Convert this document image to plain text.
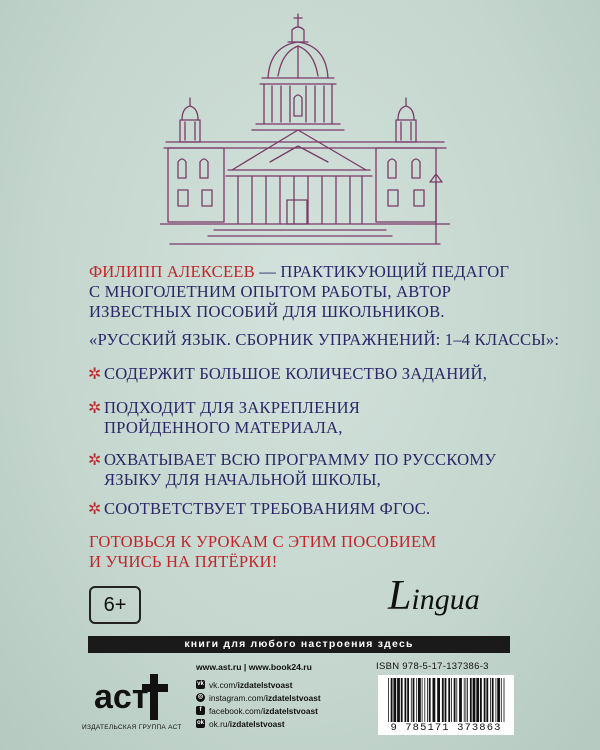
ФИЛИПП АЛЕКСЕЕВ — ПРАКТИКУЮЩИЙ ПЕДАГОГ
С МНОГОЛЕТНИМ ОПЫТОМ РАБОТЫ, АВТОР
ИЗВЕСТНЫХ ПОСОБИЙ ДЛЯ ШКОЛЬНИКОВ.
«РУССКИЙ ЯЗЫК. СБОРНИК УПРАЖНЕНИЙ: 1–4 КЛАССЫ»:
✲ СОДЕРЖИТ БОЛЬШОЕ КОЛИЧЕСТВО ЗАДАНИЙ,
✲ ПОДХОДИТ ДЛЯ ЗАКРЕПЛЕНИЯ
ПРОЙДЕННОГО МАТЕРИАЛА,
✲ ОХВАТЫВАЕТ ВСЮ ПРОГРАММУ ПО РУССКОМУ
ЯЗЫКУ ДЛЯ НАЧАЛЬНОЙ ШКОЛЫ,
✲ СООТВЕТСТВУЕТ ТРЕБОВАНИЯМ ФГОС.
ГОТОВЬСЯ К УРОКАМ С ЭТИМ ПОСОБИЕМ
И УЧИСЬ НА ПЯТЁРКИ!
6+	Lingua
книги для любого настроения здесь
аст
ИЗДАТЕЛЬСКАЯ ГРУППА АСТ
www.ast.ru | www.book24.ru
vk vk.com/ izdatelstvoast
◎ instagram.com/ izdatelstvoast
f facebook.com/ izdatelstvoast
ok ok.ru/ izdatelstvoast
ISBN 978-5-17-137386-3
9 785171 373863
